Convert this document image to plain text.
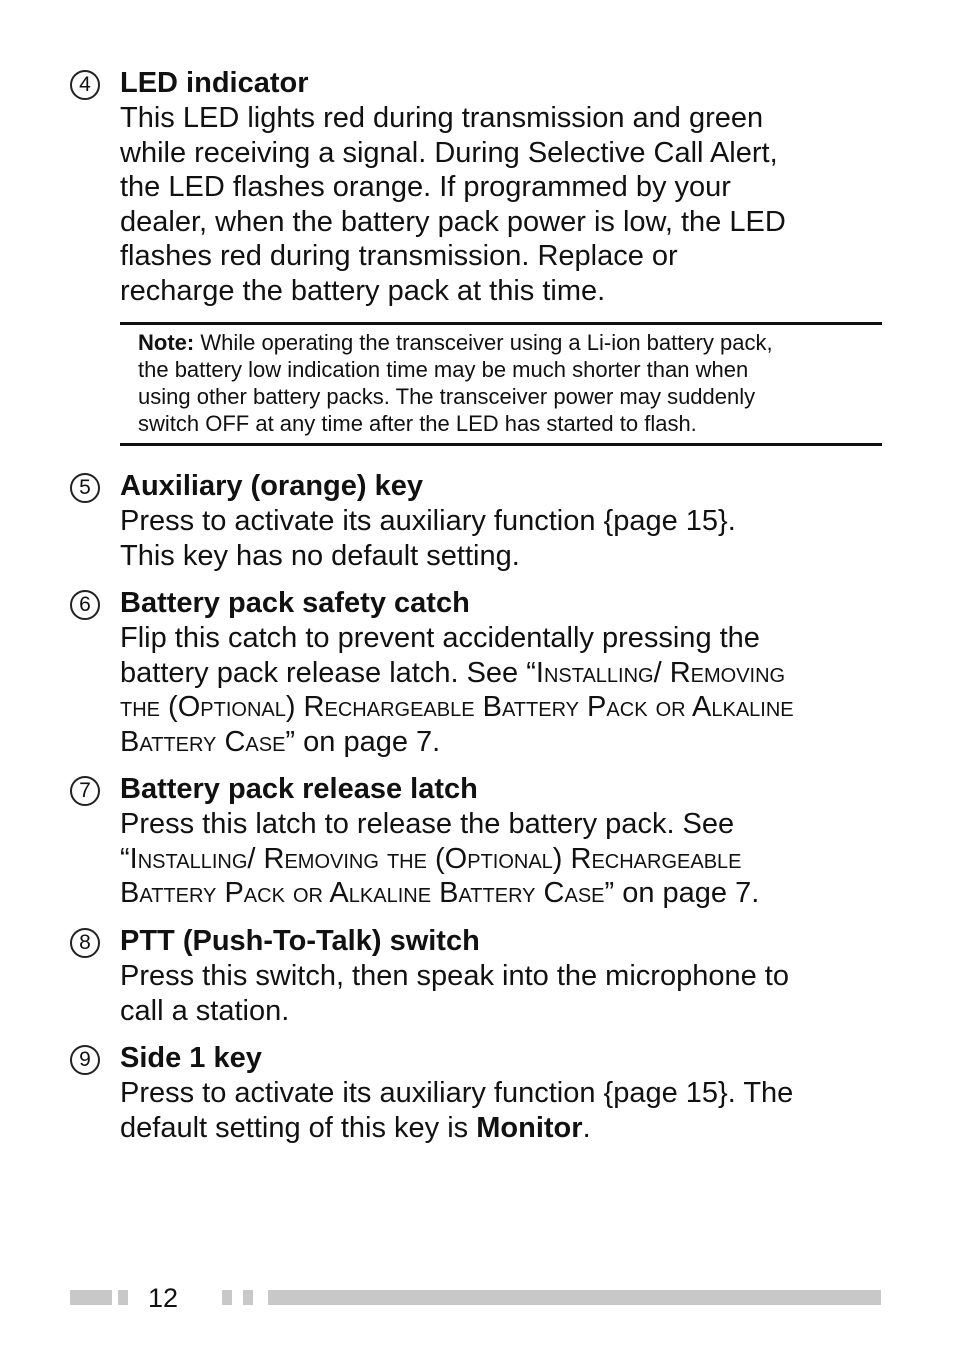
4	LED indicator
This LED lights red during transmission and green
while receiving a signal. During Selective Call Alert,
the LED flashes orange. If programmed by your
dealer, when the battery pack power is low, the LED
flashes red during transmission. Replace or
recharge the battery pack at this time.
Note: While operating the transceiver using a Li-ion battery pack,
the battery low indication time may be much shorter than when
using other battery packs. The transceiver power may suddenly
switch OFF at any time after the LED has started to flash.
5	Auxiliary (orange) key
Press to activate its auxiliary function {page 15}.
This key has no default setting.
6	Battery pack safety catch
Flip this catch to prevent accidentally pressing the
battery pack release latch. See “Installing/ Removing
the (Optional) Rechargeable Battery Pack or Alkaline
Battery Case” on page 7.
7	Battery pack release latch
Press this latch to release the battery pack. See
“Installing/ Removing the (Optional) Rechargeable
Battery Pack or Alkaline Battery Case” on page 7.
8	PTT (Push-To-Talk) switch
Press this switch, then speak into the microphone to
call a station.
9	Side 1 key
Press to activate its auxiliary function {page 15}. The
default setting of this key is Monitor.
12
